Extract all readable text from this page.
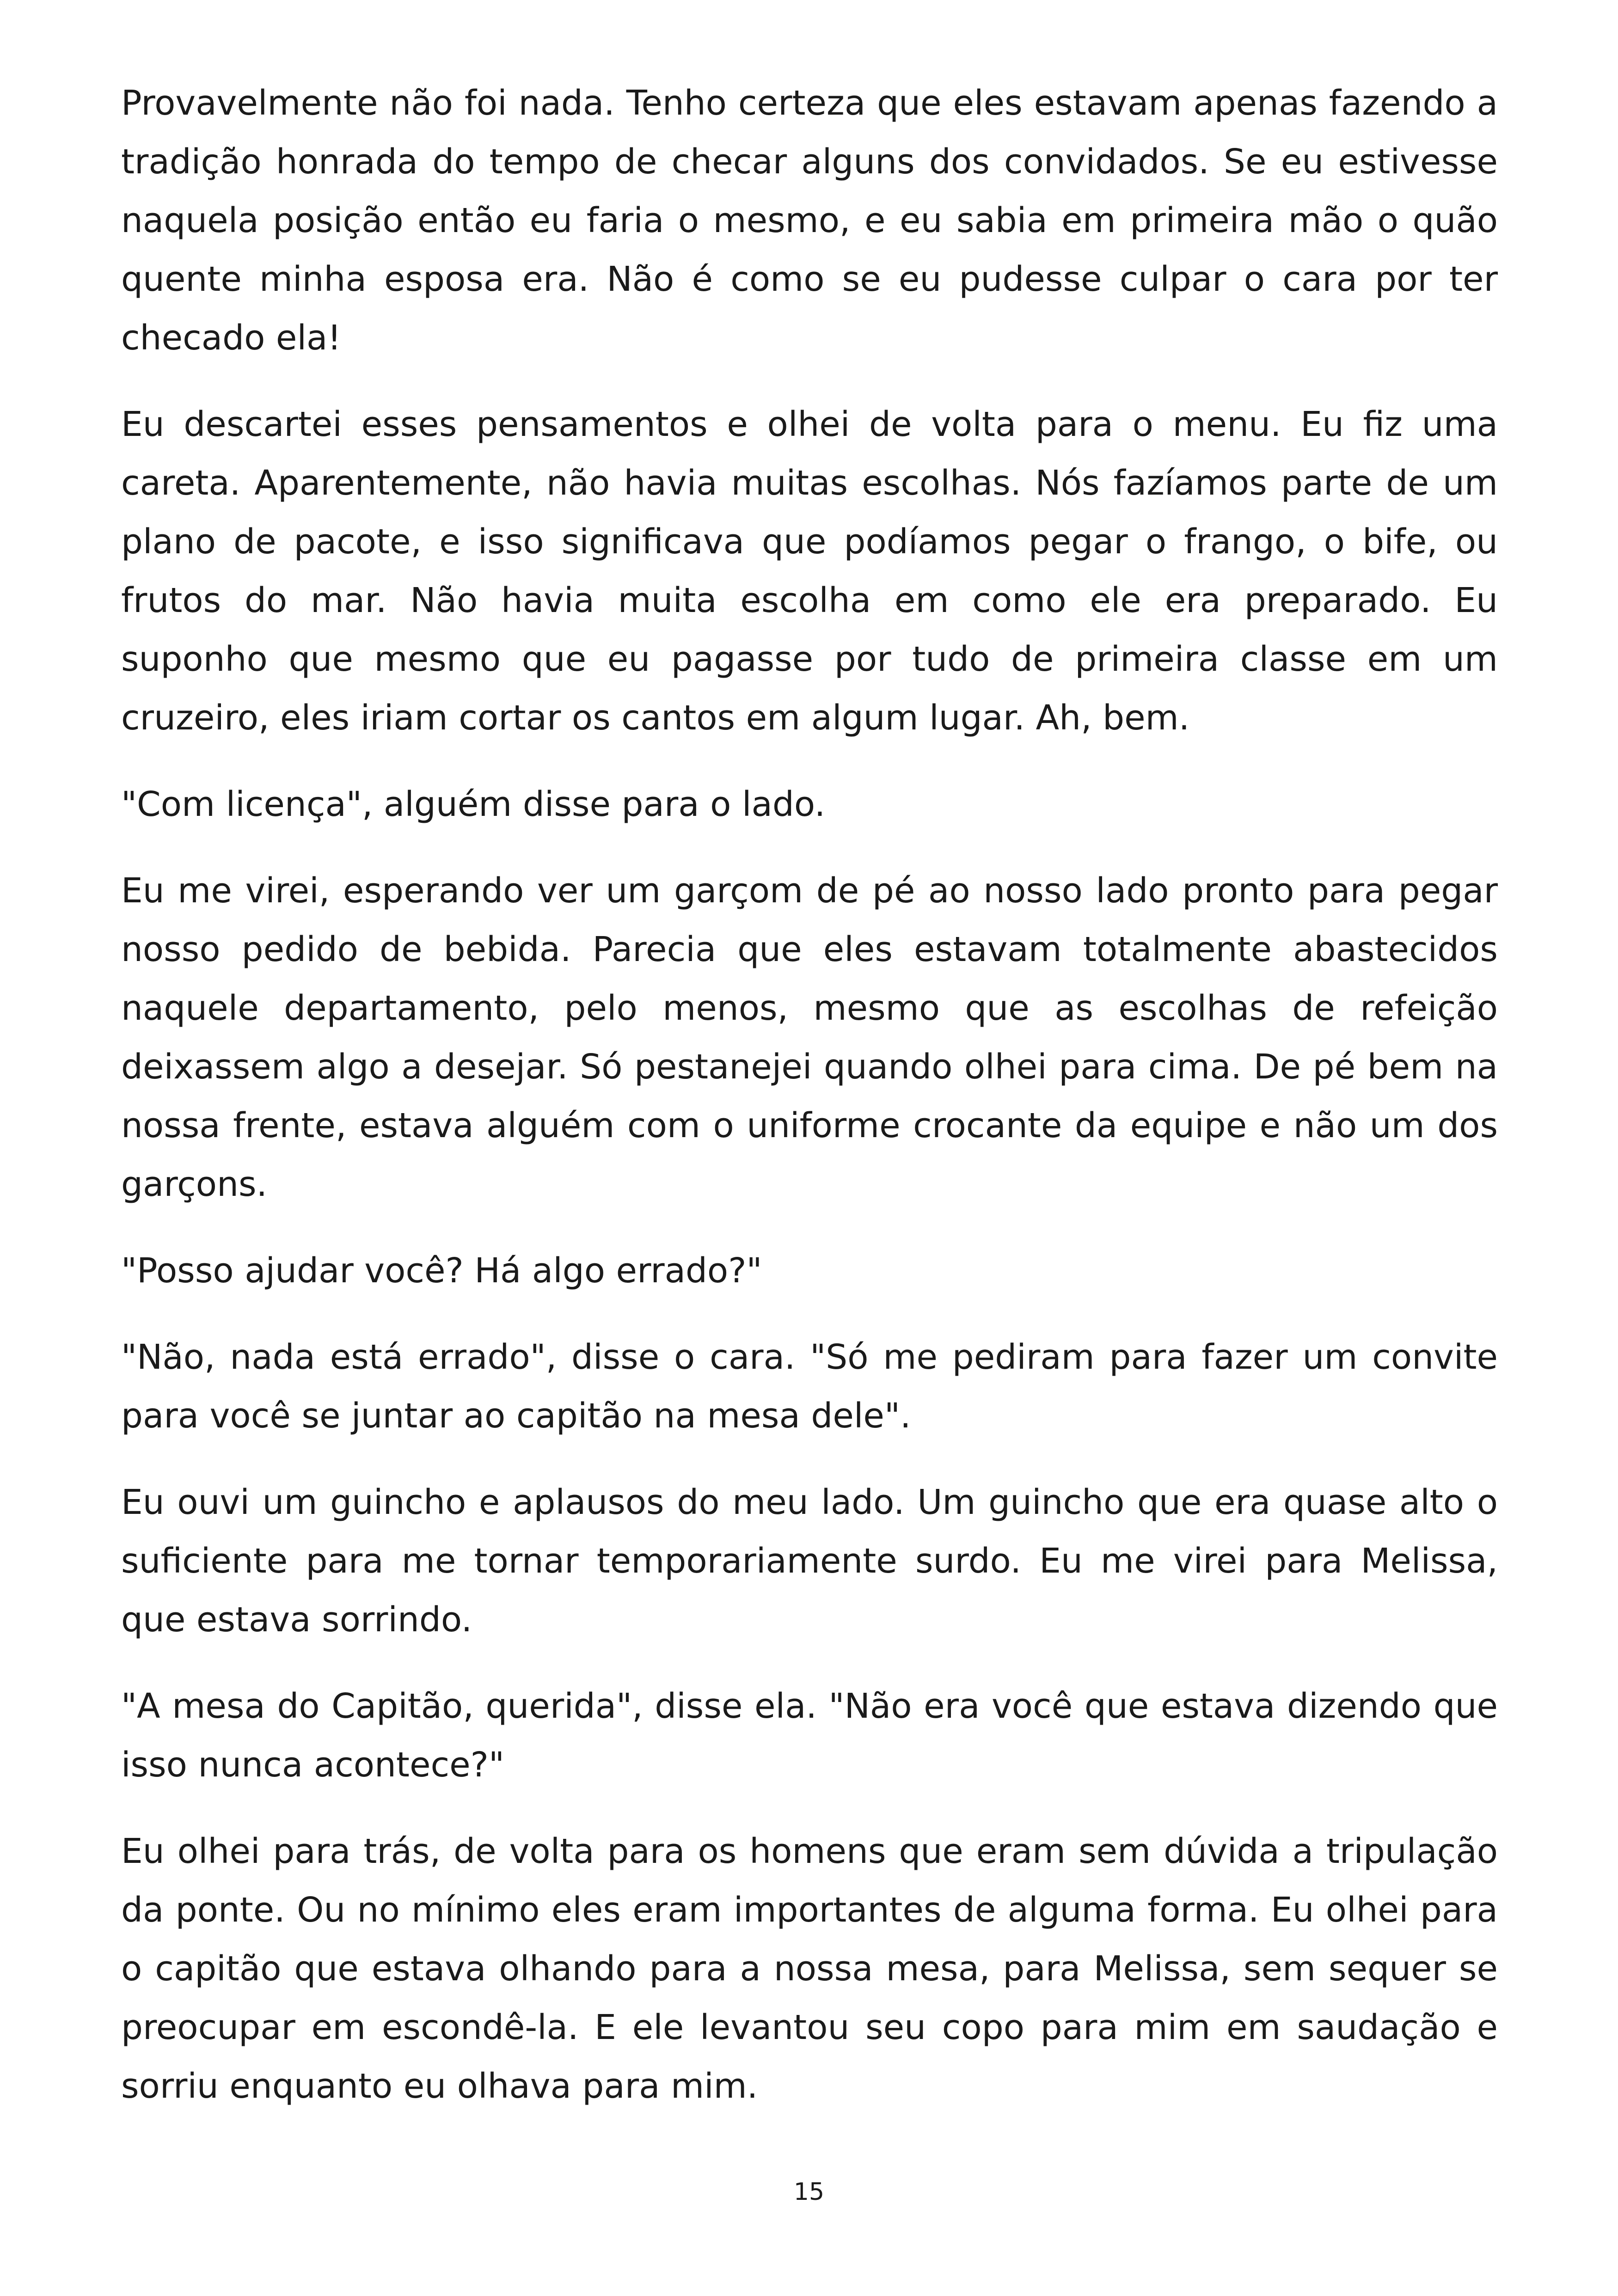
Provavelmente não foi nada. Tenho certeza que eles estavam apenas fazendo a tradição honrada do tempo de checar alguns dos convidados. Se eu estivesse naquela posição então eu faria o mesmo, e eu sabia em primeira mão o quão quente minha esposa era. Não é como se eu pudesse culpar o cara por ter checado ela!

Eu descartei esses pensamentos e olhei de volta para o menu. Eu fiz uma careta. Aparentemente, não havia muitas escolhas. Nós fazíamos parte de um plano de pacote, e isso significava que podíamos pegar o frango, o bife, ou frutos do mar. Não havia muita escolha em como ele era preparado. Eu suponho que mesmo que eu pagasse por tudo de primeira classe em um cruzeiro, eles iriam cortar os cantos em algum lugar. Ah, bem.

"Com licença", alguém disse para o lado.

Eu me virei, esperando ver um garçom de pé ao nosso lado pronto para pegar nosso pedido de bebida. Parecia que eles estavam totalmente abastecidos naquele departamento, pelo menos, mesmo que as escolhas de refeição deixassem algo a desejar. Só pestanejei quando olhei para cima. De pé bem na nossa frente, estava alguém com o uniforme crocante da equipe e não um dos garçons.

"Posso ajudar você? Há algo errado?"

"Não, nada está errado", disse o cara. "Só me pediram para fazer um convite para você se juntar ao capitão na mesa dele".

Eu ouvi um guincho e aplausos do meu lado. Um guincho que era quase alto o suficiente para me tornar temporariamente surdo. Eu me virei para Melissa, que estava sorrindo.

"A mesa do Capitão, querida", disse ela. "Não era você que estava dizendo que isso nunca acontece?"

Eu olhei para trás, de volta para os homens que eram sem dúvida a tripulação da ponte. Ou no mínimo eles eram importantes de alguma forma. Eu olhei para o capitão que estava olhando para a nossa mesa, para Melissa, sem sequer se preocupar em escondê-la. E ele levantou seu copo para mim em saudação e sorriu enquanto eu olhava para mim.

15
